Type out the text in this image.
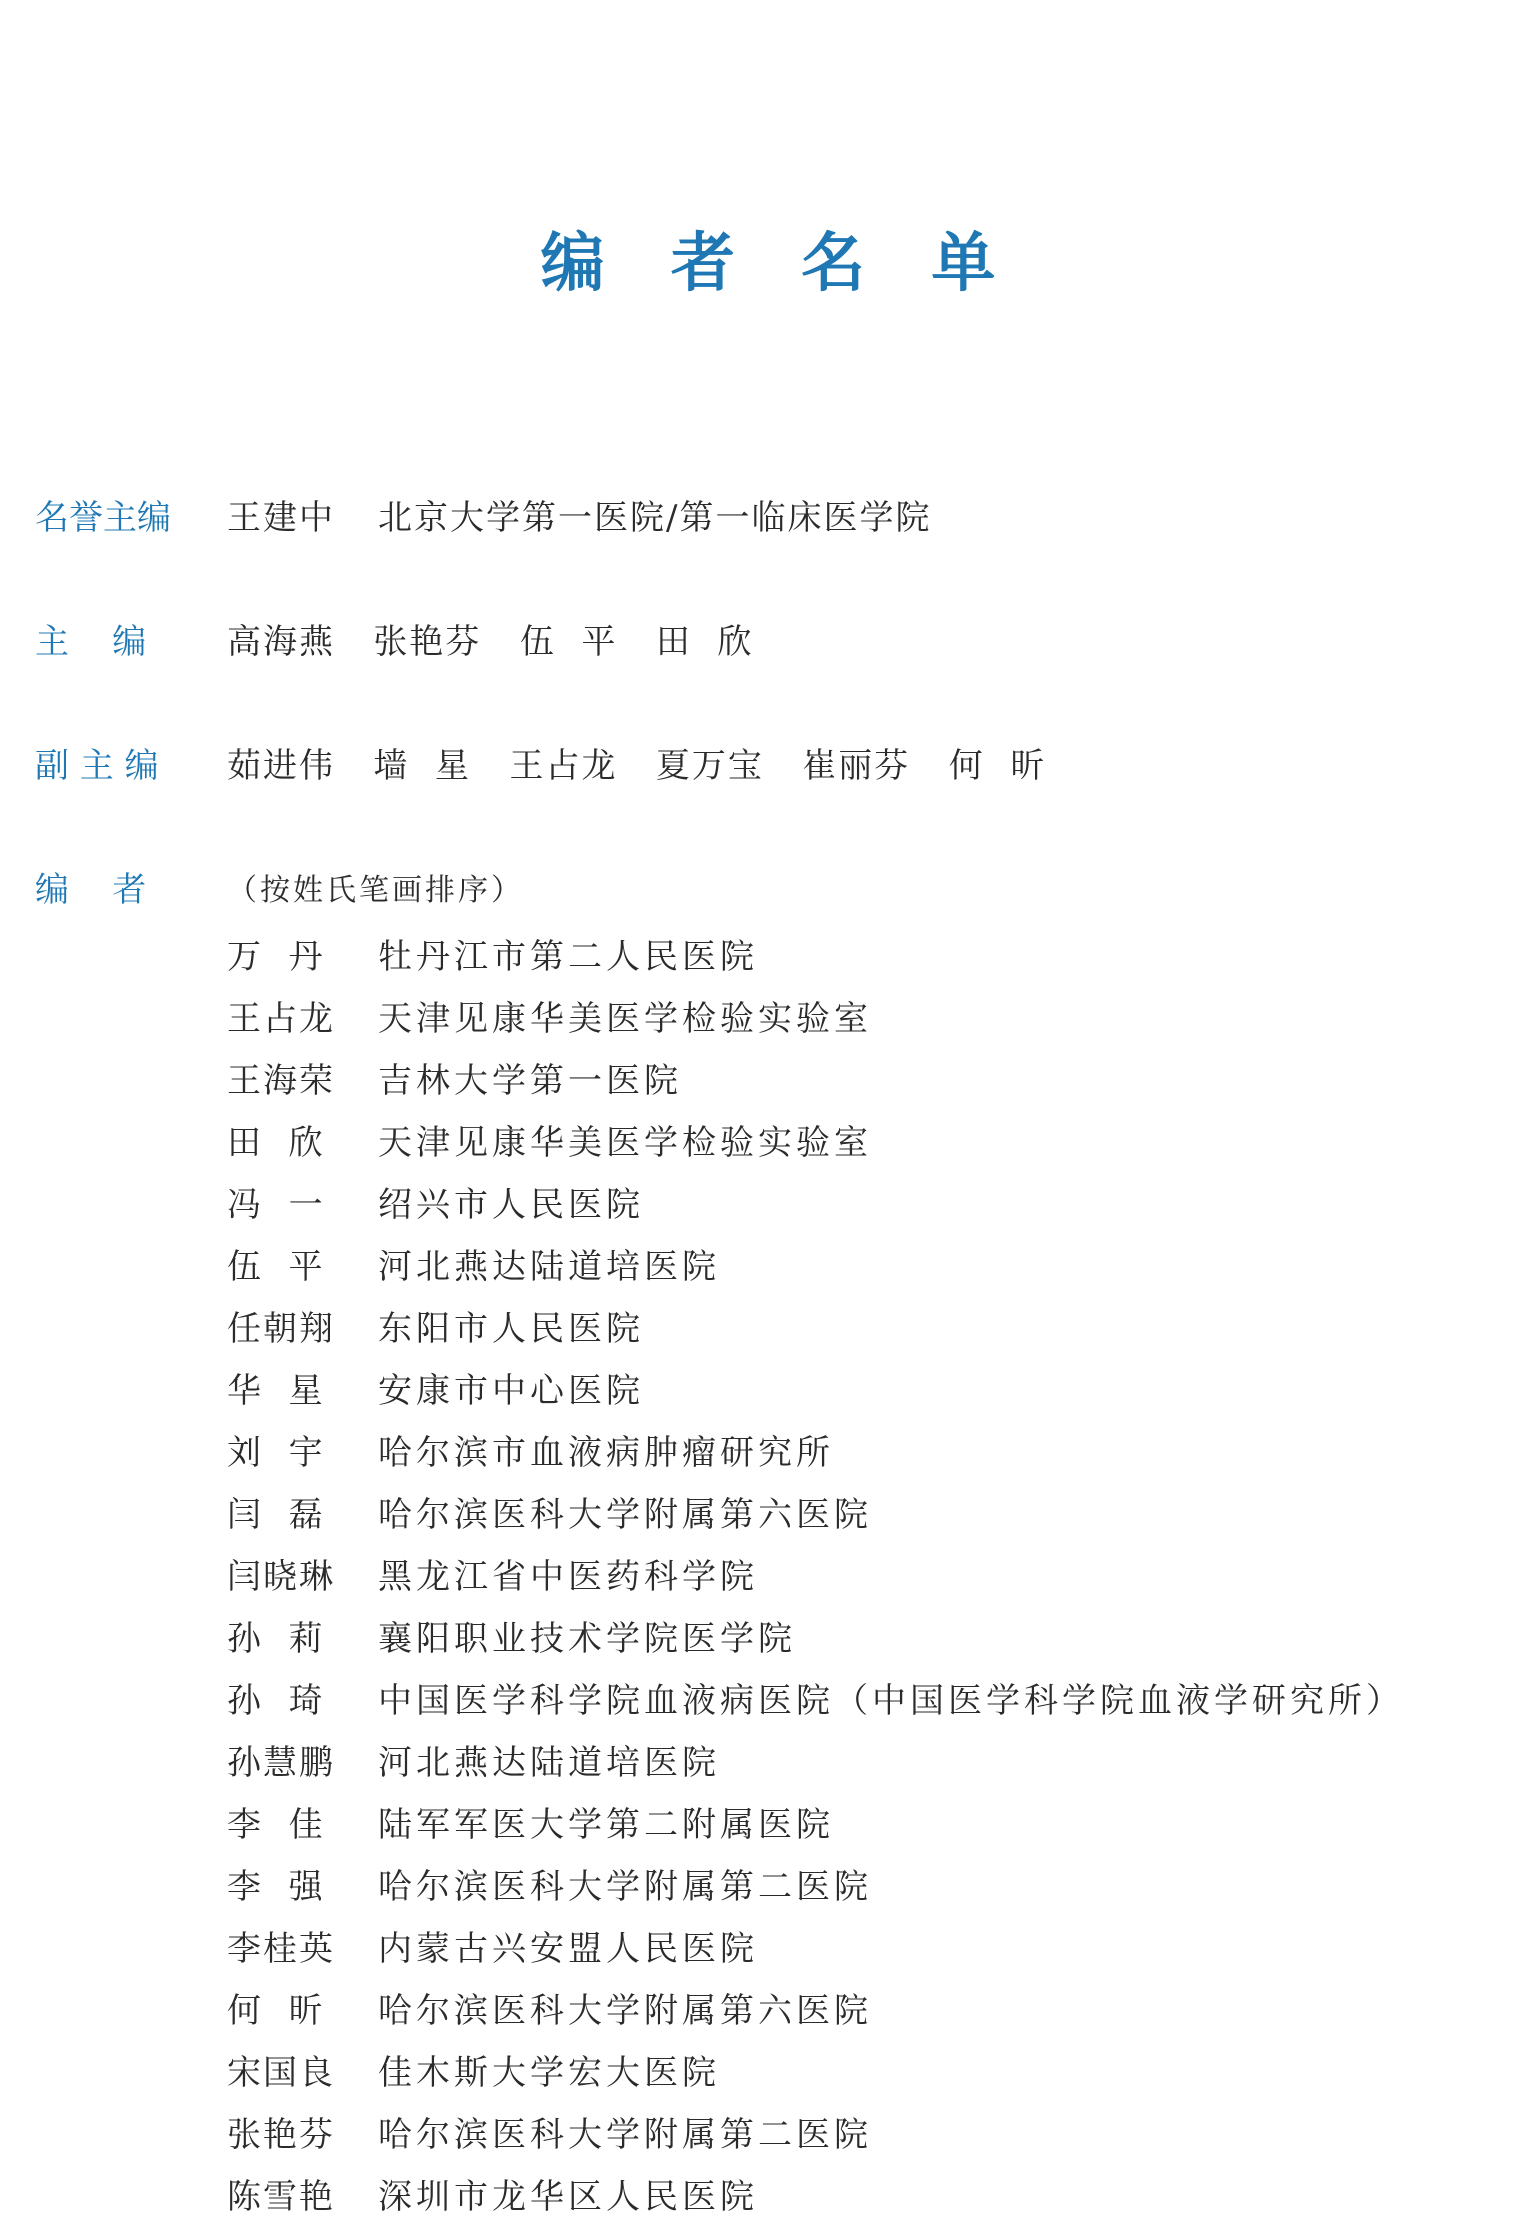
编 者 名 单
名誉主编 王建中 北京大学第一医院/第一临床医学院
主    编 高海燕   张艳芬   伍  平   田  欣
副 主 编 茹进伟   墙  星   王占龙   夏万宝   崔丽芬   何  昕
编    者	（按姓氏笔画排序）
万  丹	牡丹江市第二人民医院
王占龙	天津见康华美医学检验实验室
王海荣	吉林大学第一医院
田  欣	天津见康华美医学检验实验室
冯  一	绍兴市人民医院
伍  平	河北燕达陆道培医院
任朝翔	东阳市人民医院
华  星	安康市中心医院
刘  宇	哈尔滨市血液病肿瘤研究所
闫  磊	哈尔滨医科大学附属第六医院
闫晓琳	黑龙江省中医药科学院
孙  莉	襄阳职业技术学院医学院
孙  琦	中国医学科学院血液病医院（中国医学科学院血液学研究所）
孙慧鹏	河北燕达陆道培医院
李  佳	陆军军医大学第二附属医院
李  强	哈尔滨医科大学附属第二医院
李桂英	内蒙古兴安盟人民医院
何  昕	哈尔滨医科大学附属第六医院
宋国良	佳木斯大学宏大医院
张艳芬	哈尔滨医科大学附属第二医院
陈雪艳	深圳市龙华区人民医院
